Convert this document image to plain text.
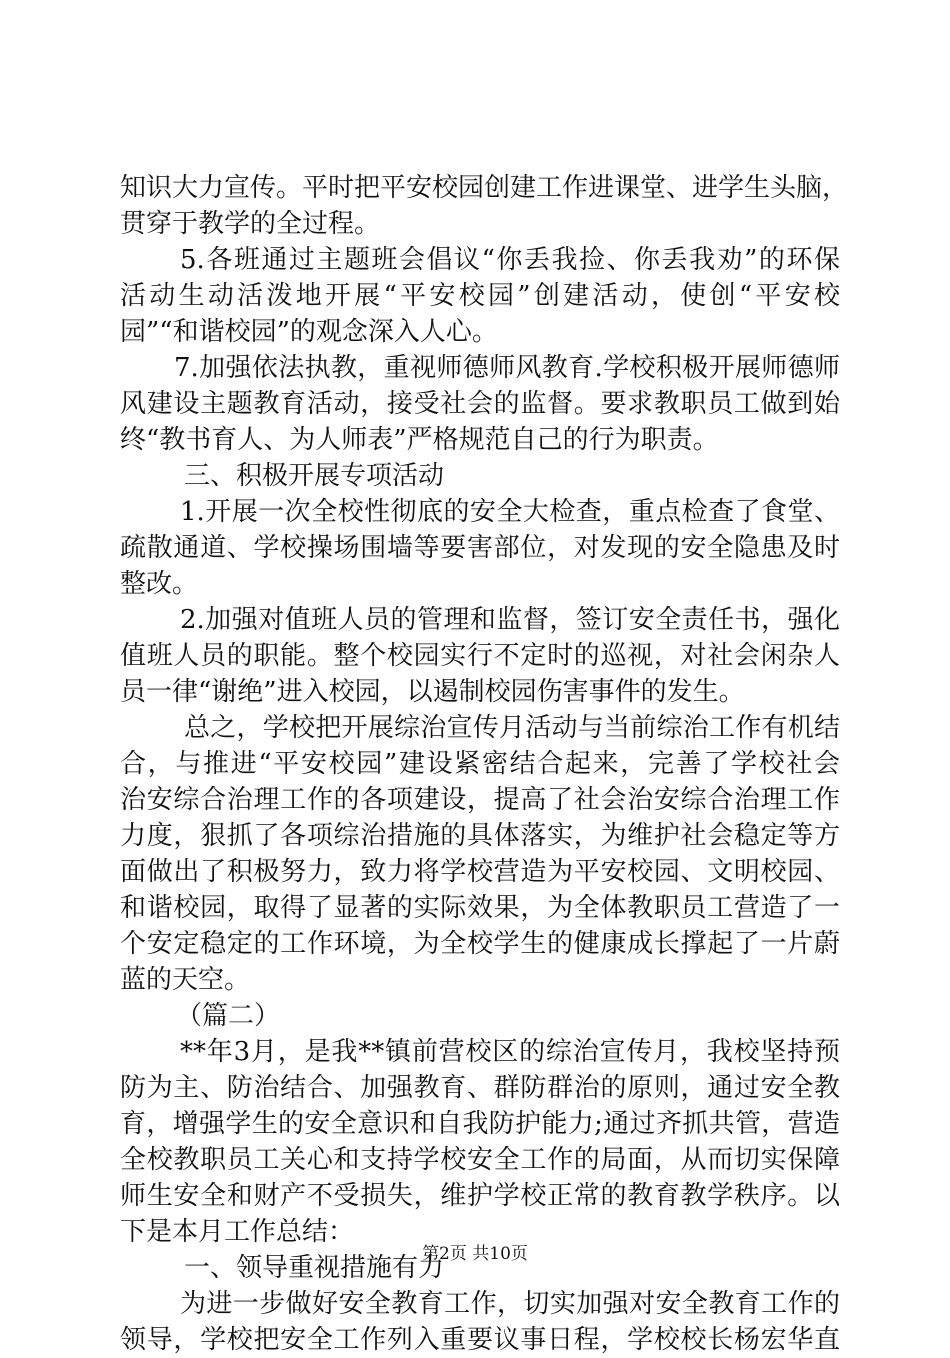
知识大力宣传。平时把平安校园创建工作进课堂、进学生头脑，
贯穿于教学的全过程。
5.各班通过主题班会倡议“你丢我捡、你丢我劝”的环保
活动生动活泼地开展“平安校园”创建活动，使创“平安校
园”“和谐校园”的观念深入人心。
7.加强依法执教，重视师德师风教育.学校积极开展师德师
风建设主题教育活动，接受社会的监督。要求教职员工做到始
终“教书育人、为人师表”严格规范自己的行为职责。
三、积极开展专项活动
1.开展一次全校性彻底的安全大检查，重点检查了食堂、
疏散通道、学校操场围墙等要害部位，对发现的安全隐患及时
整改。
2.加强对值班人员的管理和监督，签订安全责任书，强化
值班人员的职能。整个校园实行不定时的巡视，对社会闲杂人
员一律“谢绝”进入校园，以遏制校园伤害事件的发生。
总之，学校把开展综治宣传月活动与当前综治工作有机结
合，与推进“平安校园”建设紧密结合起来，完善了学校社会
治安综合治理工作的各项建设，提高了社会治安综合治理工作
力度，狠抓了各项综治措施的具体落实，为维护社会稳定等方
面做出了积极努力，致力将学校营造为平安校园、文明校园、
和谐校园，取得了显著的实际效果，为全体教职员工营造了一
个安定稳定的工作环境，为全校学生的健康成长撑起了一片蔚
蓝的天空。
（篇二）
**年3月，是我**镇前营校区的综治宣传月，我校坚持预
防为主、防治结合、加强教育、群防群治的原则，通过安全教
育，增强学生的安全意识和自我防护能力;通过齐抓共管，营造
全校教职员工关心和支持学校安全工作的局面，从而切实保障
师生安全和财产不受损失，维护学校正常的教育教学秩序。以
下是本月工作总结：
一、领导重视措施有力
为进一步做好安全教育工作，切实加强对安全教育工作的
领导，学校把安全工作列入重要议事日程，学校校长杨宏华直
第2页 共10页
